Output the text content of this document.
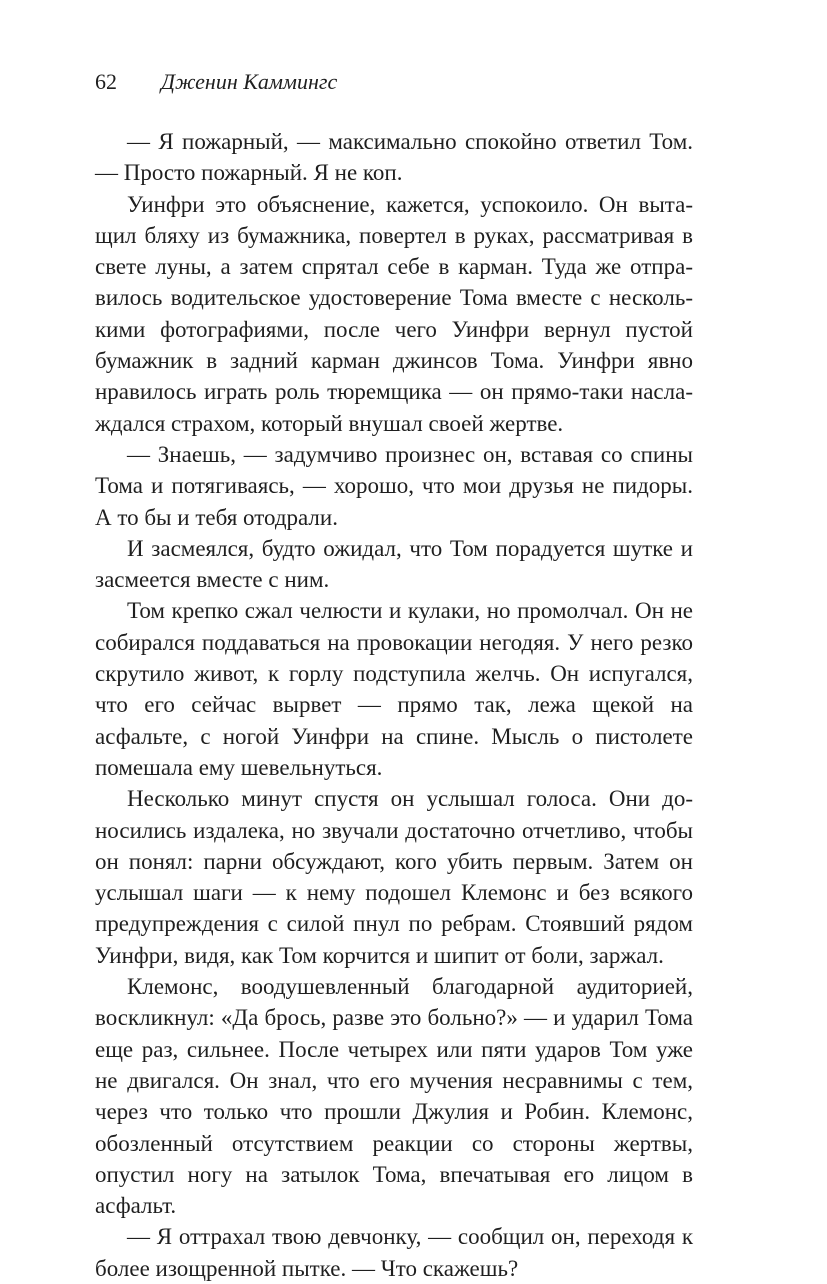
62 Дженин Каммингс

— Я пожарный, — максимально спокойно ответил Том. — Просто пожарный. Я не коп.

Уинфри это объяснение, кажется, успокоило. Он вытащил бляху из бумажника, повертел в руках, рассматривая в свете луны, а затем спрятал себе в карман. Туда же отправилось водительское удостоверение Тома вместе с несколькими фотографиями, после чего Уинфри вернул пустой бумажник в задний карман джинсов Тома. Уинфри явно нравилось играть роль тюремщика — он прямо-таки наслаждался страхом, который внушал своей жертве.

— Знаешь, — задумчиво произнес он, вставая со спины Тома и потягиваясь, — хорошо, что мои друзья не пидоры. А то бы и тебя отодрали.

И засмеялся, будто ожидал, что Том порадуется шутке и засмеется вместе с ним.

Том крепко сжал челюсти и кулаки, но промолчал. Он не собирался поддаваться на провокации негодяя. У него резко скрутило живот, к горлу подступила желчь. Он испугался, что его сейчас вырвет — прямо так, лежа щекой на асфальте, с ногой Уинфри на спине. Мысль о пистолете помешала ему шевельнуться.

Несколько минут спустя он услышал голоса. Они доносились издалека, но звучали достаточно отчетливо, чтобы он понял: парни обсуждают, кого убить первым. Затем он услышал шаги — к нему подошел Клемонс и без всякого предупреждения с силой пнул по ребрам. Стоявший рядом Уинфри, видя, как Том корчится и шипит от боли, заржал.

Клемонс, воодушевленный благодарной аудиторией, воскликнул: «Да брось, разве это больно?» — и ударил Тома еще раз, сильнее. После четырех или пяти ударов Том уже не двигался. Он знал, что его мучения несравнимы с тем, через что только что прошли Джулия и Робин. Клемонс, обозленный отсутствием реакции со стороны жертвы, опустил ногу на затылок Тома, впечатывая его лицом в асфальт.

— Я оттрахал твою девчонку, — сообщил он, переходя к более изощренной пытке. — Что скажешь?
